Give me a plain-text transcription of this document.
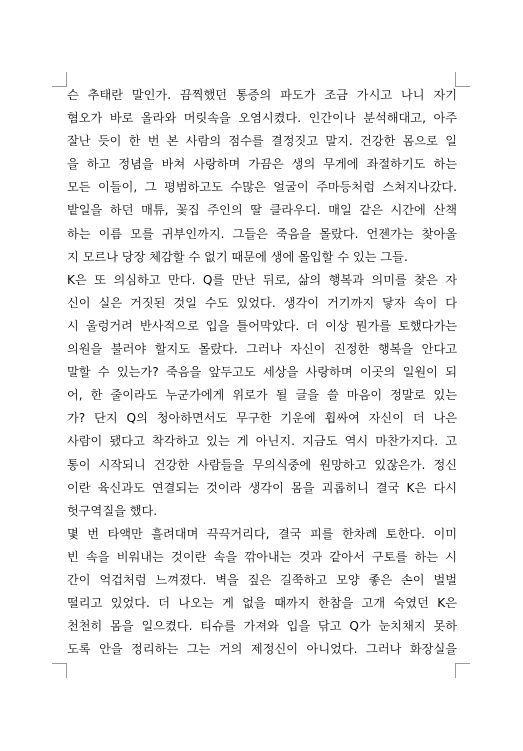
슨 추태란 말인가. 끔찍했던 통증의 파도가 조금 가시고 나니 자기
혐오가 바로 올라와 머릿속을 오염시켰다. 인간이나 분석해대고, 아주
잘난 듯이 한 번 본 사람의 점수를 결정짓고 말지. 건강한 몸으로 일
을 하고 정념을 바쳐 사랑하며 가끔은 생의 무게에 좌절하기도 하는
모든 이들이, 그 평범하고도 수많은 얼굴이 주마등처럼 스쳐지나갔다.
밭일을 하던 매튜, 꽃집 주인의 딸 클라우디. 매일 같은 시간에 산책
하는 이름 모를 귀부인까지. 그들은 죽음을 몰랐다. 언젠가는 찾아올
지 모르나 당장 체감할 수 없기 때문에 생에 몰입할 수 있는 그들.
K은 또 의심하고 만다. Q를 만난 뒤로, 삶의 행복과 의미를 찾은 자
신이 실은 거짓된 것일 수도 있었다. 생각이 거기까지 닿자 속이 다
시 울렁거려 반사적으로 입을 틀어막았다. 더 이상 뭔가를 토했다가는
의원을 불러야 할지도 몰랐다. 그러나 자신이 진정한 행복을 안다고
말할 수 있는가? 죽음을 앞두고도 세상을 사랑하며 이곳의 일원이 되
어, 한 줄이라도 누군가에게 위로가 될 글을 쓸 마음이 정말로 있는
가? 단지 Q의 청아하면서도 무구한 기운에 휩싸여 자신이 더 나은
사람이 됐다고 착각하고 있는 게 아닌지. 지금도 역시 마찬가지다. 고
통이 시작되니 건강한 사람들을 무의식중에 원망하고 있잖은가. 정신
이란 육신과도 연결되는 것이라 생각이 몸을 괴롭히니 결국 K은 다시
헛구역질을 했다.
몇 번 타액만 흘려대며 끅끅거리다, 결국 피를 한차례 토한다. 이미
빈 속을 비워내는 것이란 속을 깎아내는 것과 같아서 구토를 하는 시
간이 억겁처럼 느껴졌다. 벽을 짚은 길쭉하고 모양 좋은 손이 벌벌
떨리고 있었다. 더 나오는 게 없을 때까지 한참을 고개 숙였던 K은
천천히 몸을 일으켰다. 티슈를 가져와 입을 닦고 Q가 눈치채지 못하
도록 안을 정리하는 그는 거의 제정신이 아니었다. 그러나 화장실을
